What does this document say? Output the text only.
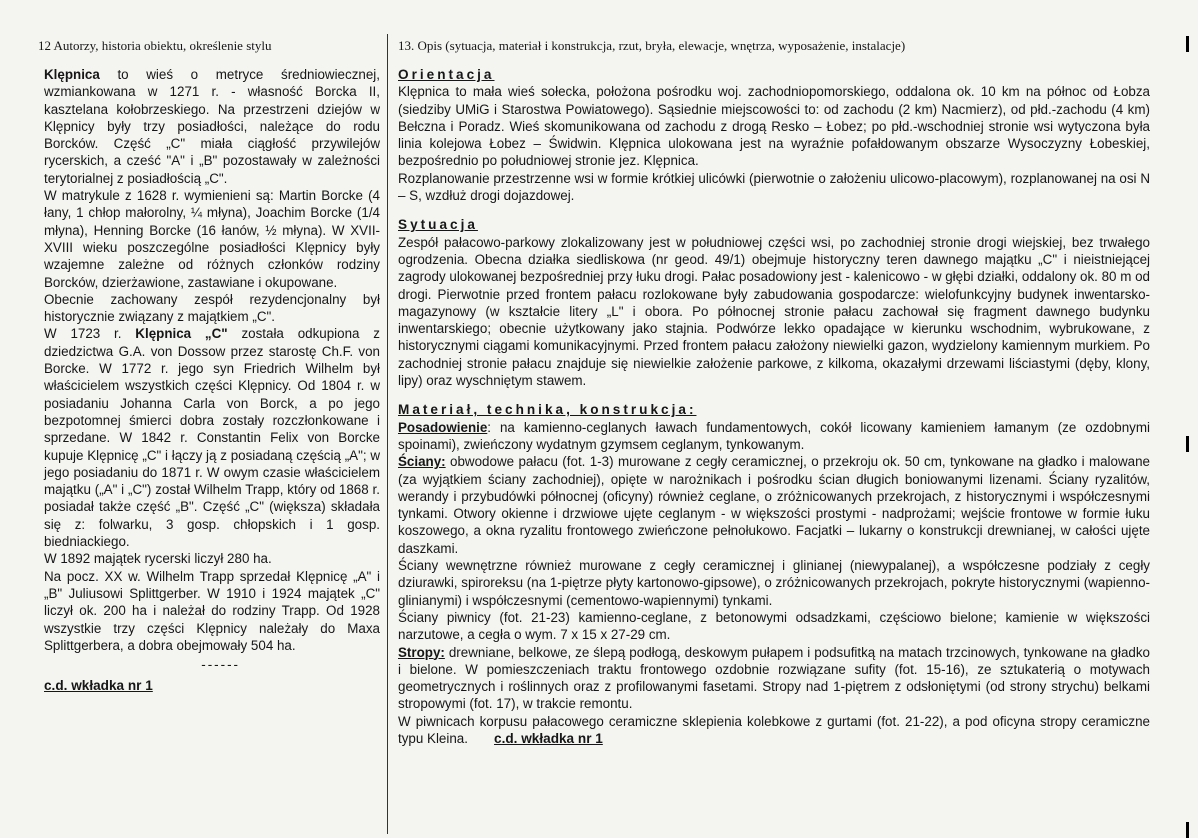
12 Autorzy, historia obiektu, określenie stylu

Klępnica to wieś o metryce średniowiecznej, wzmiankowana w 1271 r. - własność Borcka II, kasztelana kołobrzeskiego. Na przestrzeni dziejów w Klępnicy były trzy posiadłości, należące do rodu Borcków. Część „C" miała ciągłość przywilejów rycerskich, a cześć "A" i „B" pozostawały w zależności terytorialnej z posiadłością „C".

W matrykule z 1628 r. wymienieni są: Martin Borcke (4 łany, 1 chłop małorolny, ¼ młyna), Joachim Borcke (1/4 młyna), Henning Borcke (16 łanów, ½ młyna). W XVII-XVIII wieku poszczególne posiadłości Klępnicy były wzajemne zależne od różnych członków rodziny Borcków, dzierżawione, zastawiane i okupowane.

Obecnie zachowany zespół rezydencjonalny był historycznie związany z majątkiem „C".

W 1723 r. Klępnica „C" została odkupiona z dziedzictwa G.A. von Dossow przez starostę Ch.F. von Borcke. W 1772 r. jego syn Friedrich Wilhelm był właścicielem wszystkich części Klępnicy. Od 1804 r. w posiadaniu Johanna Carla von Borck, a po jego bezpotomnej śmierci dobra zostały rozczłonkowane i sprzedane. W 1842 r. Constantin Felix von Borcke kupuje Klępnicę „C" i łączy ją z posiadaną częścią „A"; w jego posiadaniu do 1871 r. W owym czasie właścicielem majątku („A" i „C") został Wilhelm Trapp, który od 1868 r. posiadał także część „B". Część „C" (większa) składała się z: folwarku, 3 gosp. chłopskich i 1 gosp. biedniackiego.

W 1892 majątek rycerski liczył 280 ha.

Na pocz. XX w. Wilhelm Trapp sprzedał Klępnicę „A" i „B" Juliusowi Splittgerber. W 1910 i 1924 majątek „C" liczył ok. 200 ha i należał do rodziny Trapp. Od 1928 wszystkie trzy części Klępnicy należały do Maxa Splittgerbera, a dobra obejmowały 504 ha.

------
c.d. wkładka nr 1
13. Opis (sytuacja, materiał i konstrukcja, rzut, bryła, elewacje, wnętrza, wyposażenie, instalacje)
Orientacja

Klępnica to mała wieś sołecka, położona pośrodku woj. zachodniopomorskiego, oddalona ok. 10 km na północ od Łobza (siedziby UMiG i Starostwa Powiatowego). Sąsiednie miejscowości to: od zachodu (2 km) Nacmierz), od płd.-zachodu (4 km) Bełczna i Poradz. Wieś skomunikowana od zachodu z drogą Resko – Łobez; po płd.-wschodniej stronie wsi wytyczona była linia kolejowa Łobez – Świdwin. Klępnica ulokowana jest na wyraźnie pofałdowanym obszarze Wysoczyzny Łobeskiej, bezpośrednio po południowej stronie jez. Klępnica.

Rozplanowanie przestrzenne wsi w formie krótkiej ulicówki (pierwotnie o założeniu ulicowo-placowym), rozplanowanej na osi N – S, wzdłuż drogi dojazdowej.

Sytuacja

Zespół pałacowo-parkowy zlokalizowany jest w południowej części wsi, po zachodniej stronie drogi wiejskiej, bez trwałego ogrodzenia. Obecna działka siedliskowa (nr geod. 49/1) obejmuje historyczny teren dawnego majątku „C" i nieistniejącej zagrody ulokowanej bezpośredniej przy łuku drogi. Pałac posadowiony jest - kalenicowo - w głębi działki, oddalony ok. 80 m od drogi. Pierwotnie przed frontem pałacu rozlokowane były zabudowania gospodarcze: wielofunkcyjny budynek inwentarsko-magazynowy (w kształcie litery „L" i obora. Po północnej stronie pałacu zachował się fragment dawnego budynku inwentarskiego; obecnie użytkowany jako stajnia. Podwórze lekko opadające w kierunku wschodnim, wybrukowane, z historycznymi ciągami komunikacyjnymi. Przed frontem pałacu założony niewielki gazon, wydzielony kamiennym murkiem. Po zachodniej stronie pałacu znajduje się niewielkie założenie parkowe, z kilkoma, okazałymi drzewami liściastymi (dęby, klony, lipy) oraz wyschniętym stawem.

Materiał, technika, konstrukcja:

Posadowienie: na kamienno-ceglanych ławach fundamentowych, cokół licowany kamieniem łamanym (ze ozdobnymi spoinami), zwieńczony wydatnym gzymsem ceglanym, tynkowanym.

Ściany: obwodowe pałacu (fot. 1-3) murowane z cegły ceramicznej, o przekroju ok. 50 cm, tynkowane na gładko i malowane (za wyjątkiem ściany zachodniej), opięte w narożnikach i pośrodku ścian długich boniowanymi lizenami. Ściany ryzalitów, werandy i przybudówki północnej (oficyny) również ceglane, o zróżnicowanych przekrojach, z historycznymi i współczesnymi tynkami. Otwory okienne i drzwiowe ujęte ceglanym - w większości prostymi - nadprożami; wejście frontowe w formie łuku koszowego, a okna ryzalitu frontowego zwieńczone pełnołukowo. Facjatki – lukarny o konstrukcji drewnianej, w całości ujęte daszkami.

Ściany wewnętrzne również murowane z cegły ceramicznej i glinianej (niewypalanej), a współczesne podziały z cegły dziurawki, spiroreksu (na 1-piętrze płyty kartonowo-gipsowe), o zróżnicowanych przekrojach, pokryte historycznymi (wapienno-glinianymi) i współczesnymi (cementowo-wapiennymi) tynkami.

Ściany piwnicy (fot. 21-23) kamienno-ceglane, z betonowymi odsadzkami, częściowo bielone; kamienie w większości narzutowe, a cegła o wym. 7 x 15 x 27-29 cm.

Stropy: drewniane, belkowe, ze ślepą podłogą, deskowym pułapem i podsufitką na matach trzcinowych, tynkowane na gładko i bielone. W pomieszczeniach traktu frontowego ozdobnie rozwiązane sufity (fot. 15-16), ze sztukaterią o motywach geometrycznych i roślinnych oraz z profilowanymi fasetami. Stropy nad 1-piętrem z odsłoniętymi (od strony strychu) belkami stropowymi (fot. 17), w trakcie remontu.

W piwnicach korpusu pałacowego ceramiczne sklepienia kolebkowe z gurtami (fot. 21-22), a pod oficyna stropy ceramiczne typu Kleina. c.d. wkładka nr 1
